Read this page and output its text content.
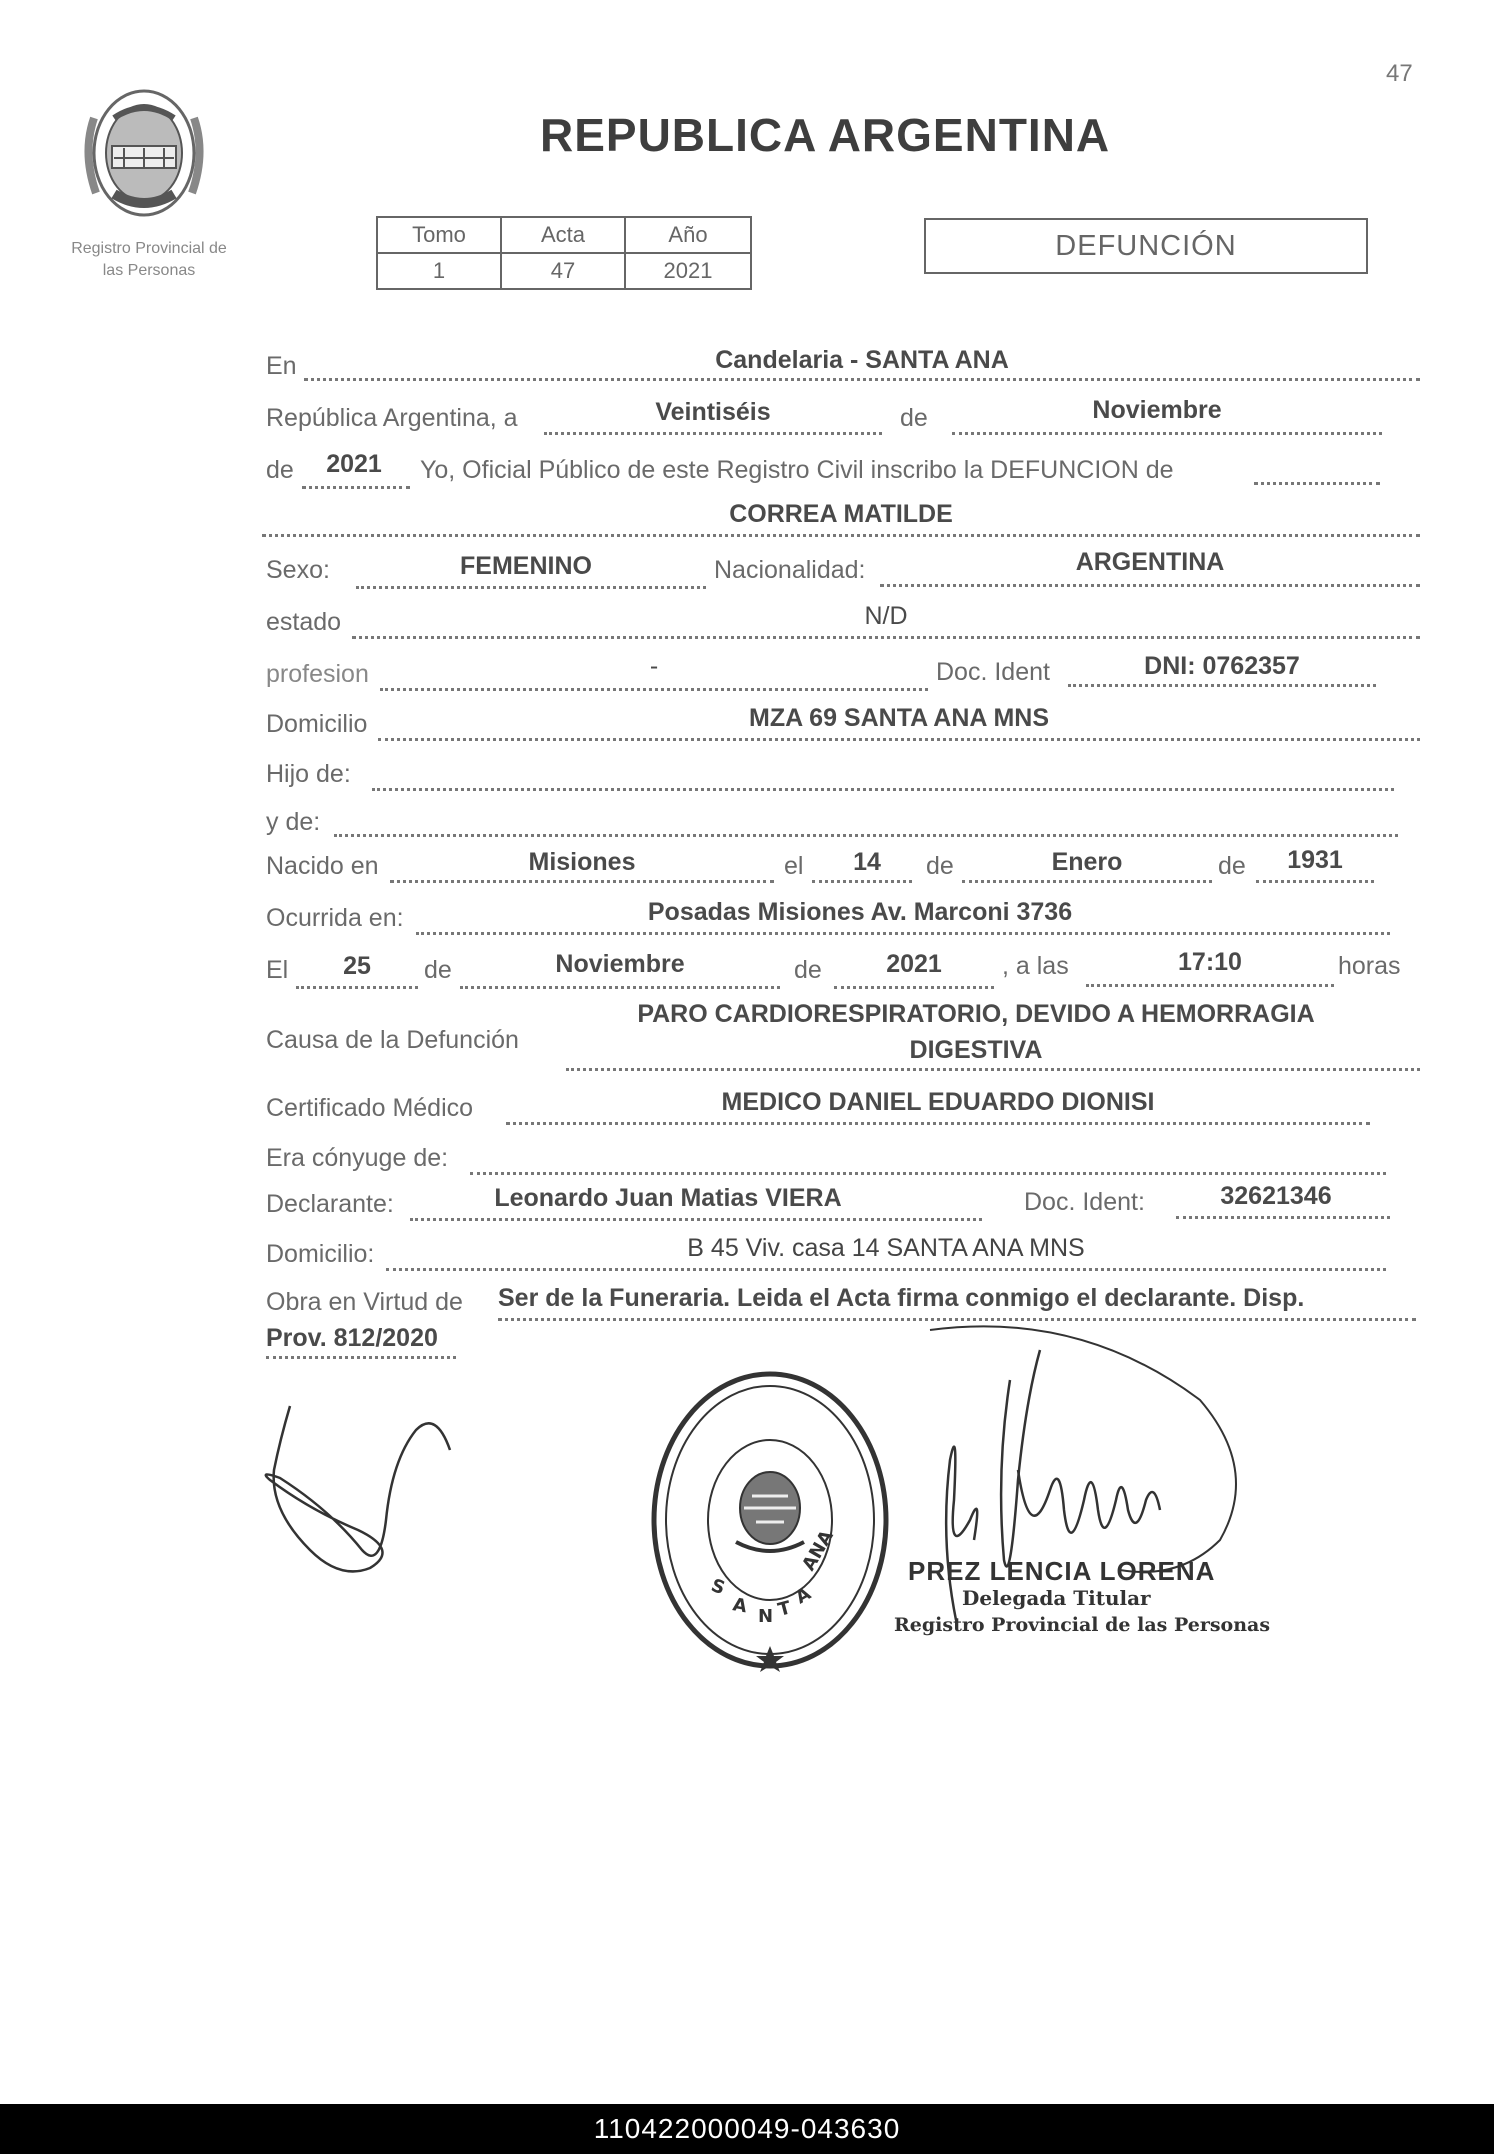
47
Registro Provincial de
las Personas
REPUBLICA ARGENTINA
Tomo	Acta	Año
1	47	2021
DEFUNCIÓN
En	Candelaria - SANTA ANA
República Argentina, a	Veintiséis	de	Noviembre
de	2021	Yo, Oficial Público de este Registro Civil inscribo la DEFUNCION de
CORREA MATILDE
Sexo:	FEMENINO	Nacionalidad:	ARGENTINA
estado	N/D
profesion	-	Doc. Ident	DNI: 0762357
Domicilio	MZA 69 SANTA ANA MNS
Hijo de:
y de:
Nacido en	Misiones	el	14	de	Enero	de	1931
Ocurrida en:	Posadas Misiones Av. Marconi 3736
El	25	de	Noviembre	de	2021	, a las	17:10	horas
Causa de la Defunción
PARO CARDIORESPIRATORIO, DEVIDO A HEMORRAGIA
DIGESTIVA
Certificado Médico	MEDICO DANIEL EDUARDO DIONISI
Era cónyuge de:
Declarante:	Leonardo Juan Matias VIERA	Doc. Ident:	32621346
Domicilio:	B 45 Viv. casa 14 SANTA ANA MNS
Obra en Virtud de Ser de la Funeraria. Leida el Acta firma conmigo el declarante. Disp.
Prov. 812/2020
S
A N T
A
ANA	PREZ LENCIA LORENA
Delegada Titular
Registro Provincial de las Personas
110422000049-043630
